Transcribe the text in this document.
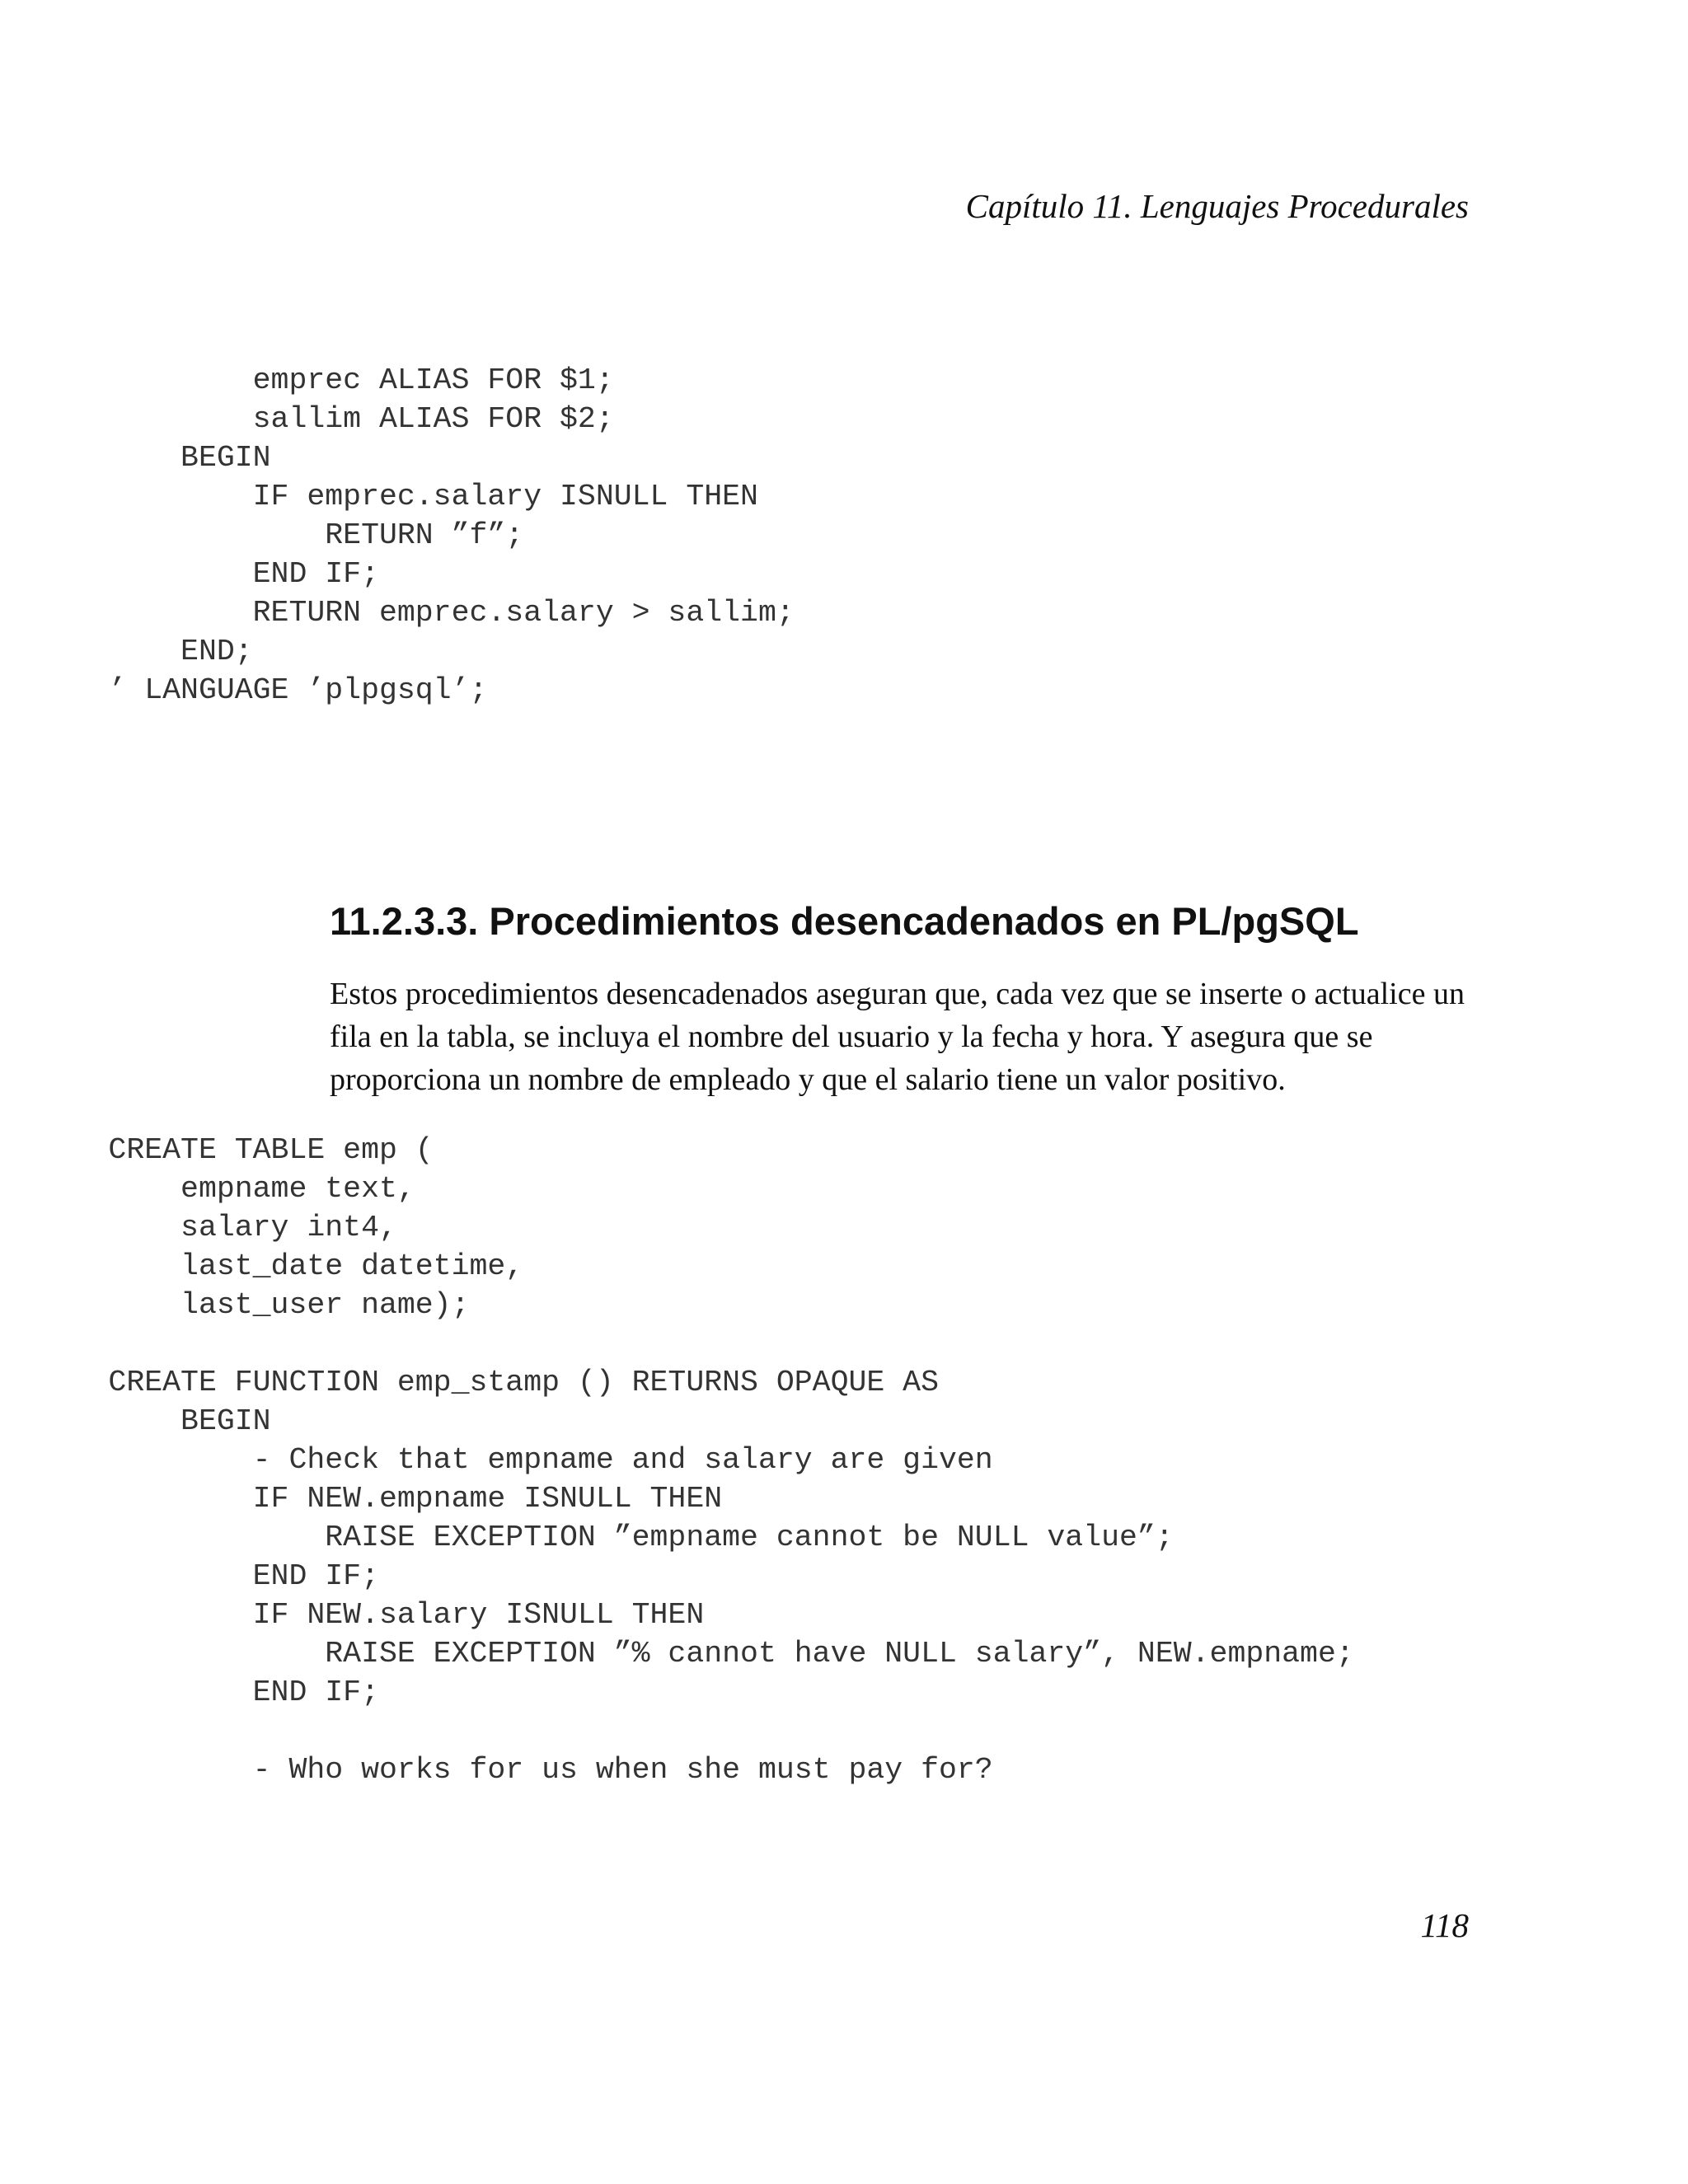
Capítulo 11. Lenguajes Procedurales
emprec ALIAS FOR $1;
sallim ALIAS FOR $2;
BEGIN
IF emprec.salary ISNULL THEN
RETURN ”f”;
END IF;
RETURN emprec.salary > sallim;
END;
’ LANGUAGE ’plpgsql’;
11.2.3.3. Procedimientos desencadenados en PL/pgSQL

Estos procedimientos desencadenados aseguran que, cada vez que se inserte o actualice un fila en la tabla, se incluya el nombre del usuario y la fecha y hora. Y asegura que se proporciona un nombre de empleado y que el salario tiene un valor positivo.

CREATE TABLE emp (
empname text,
salary int4,
last_date datetime,
last_user name);

CREATE FUNCTION emp_stamp () RETURNS OPAQUE AS
BEGIN
- Check that empname and salary are given
IF NEW.empname ISNULL THEN
RAISE EXCEPTION ”empname cannot be NULL value”;
END IF;
IF NEW.salary ISNULL THEN
RAISE EXCEPTION ”% cannot have NULL salary”, NEW.empname;
END IF;

- Who works for us when she must pay for?
118
